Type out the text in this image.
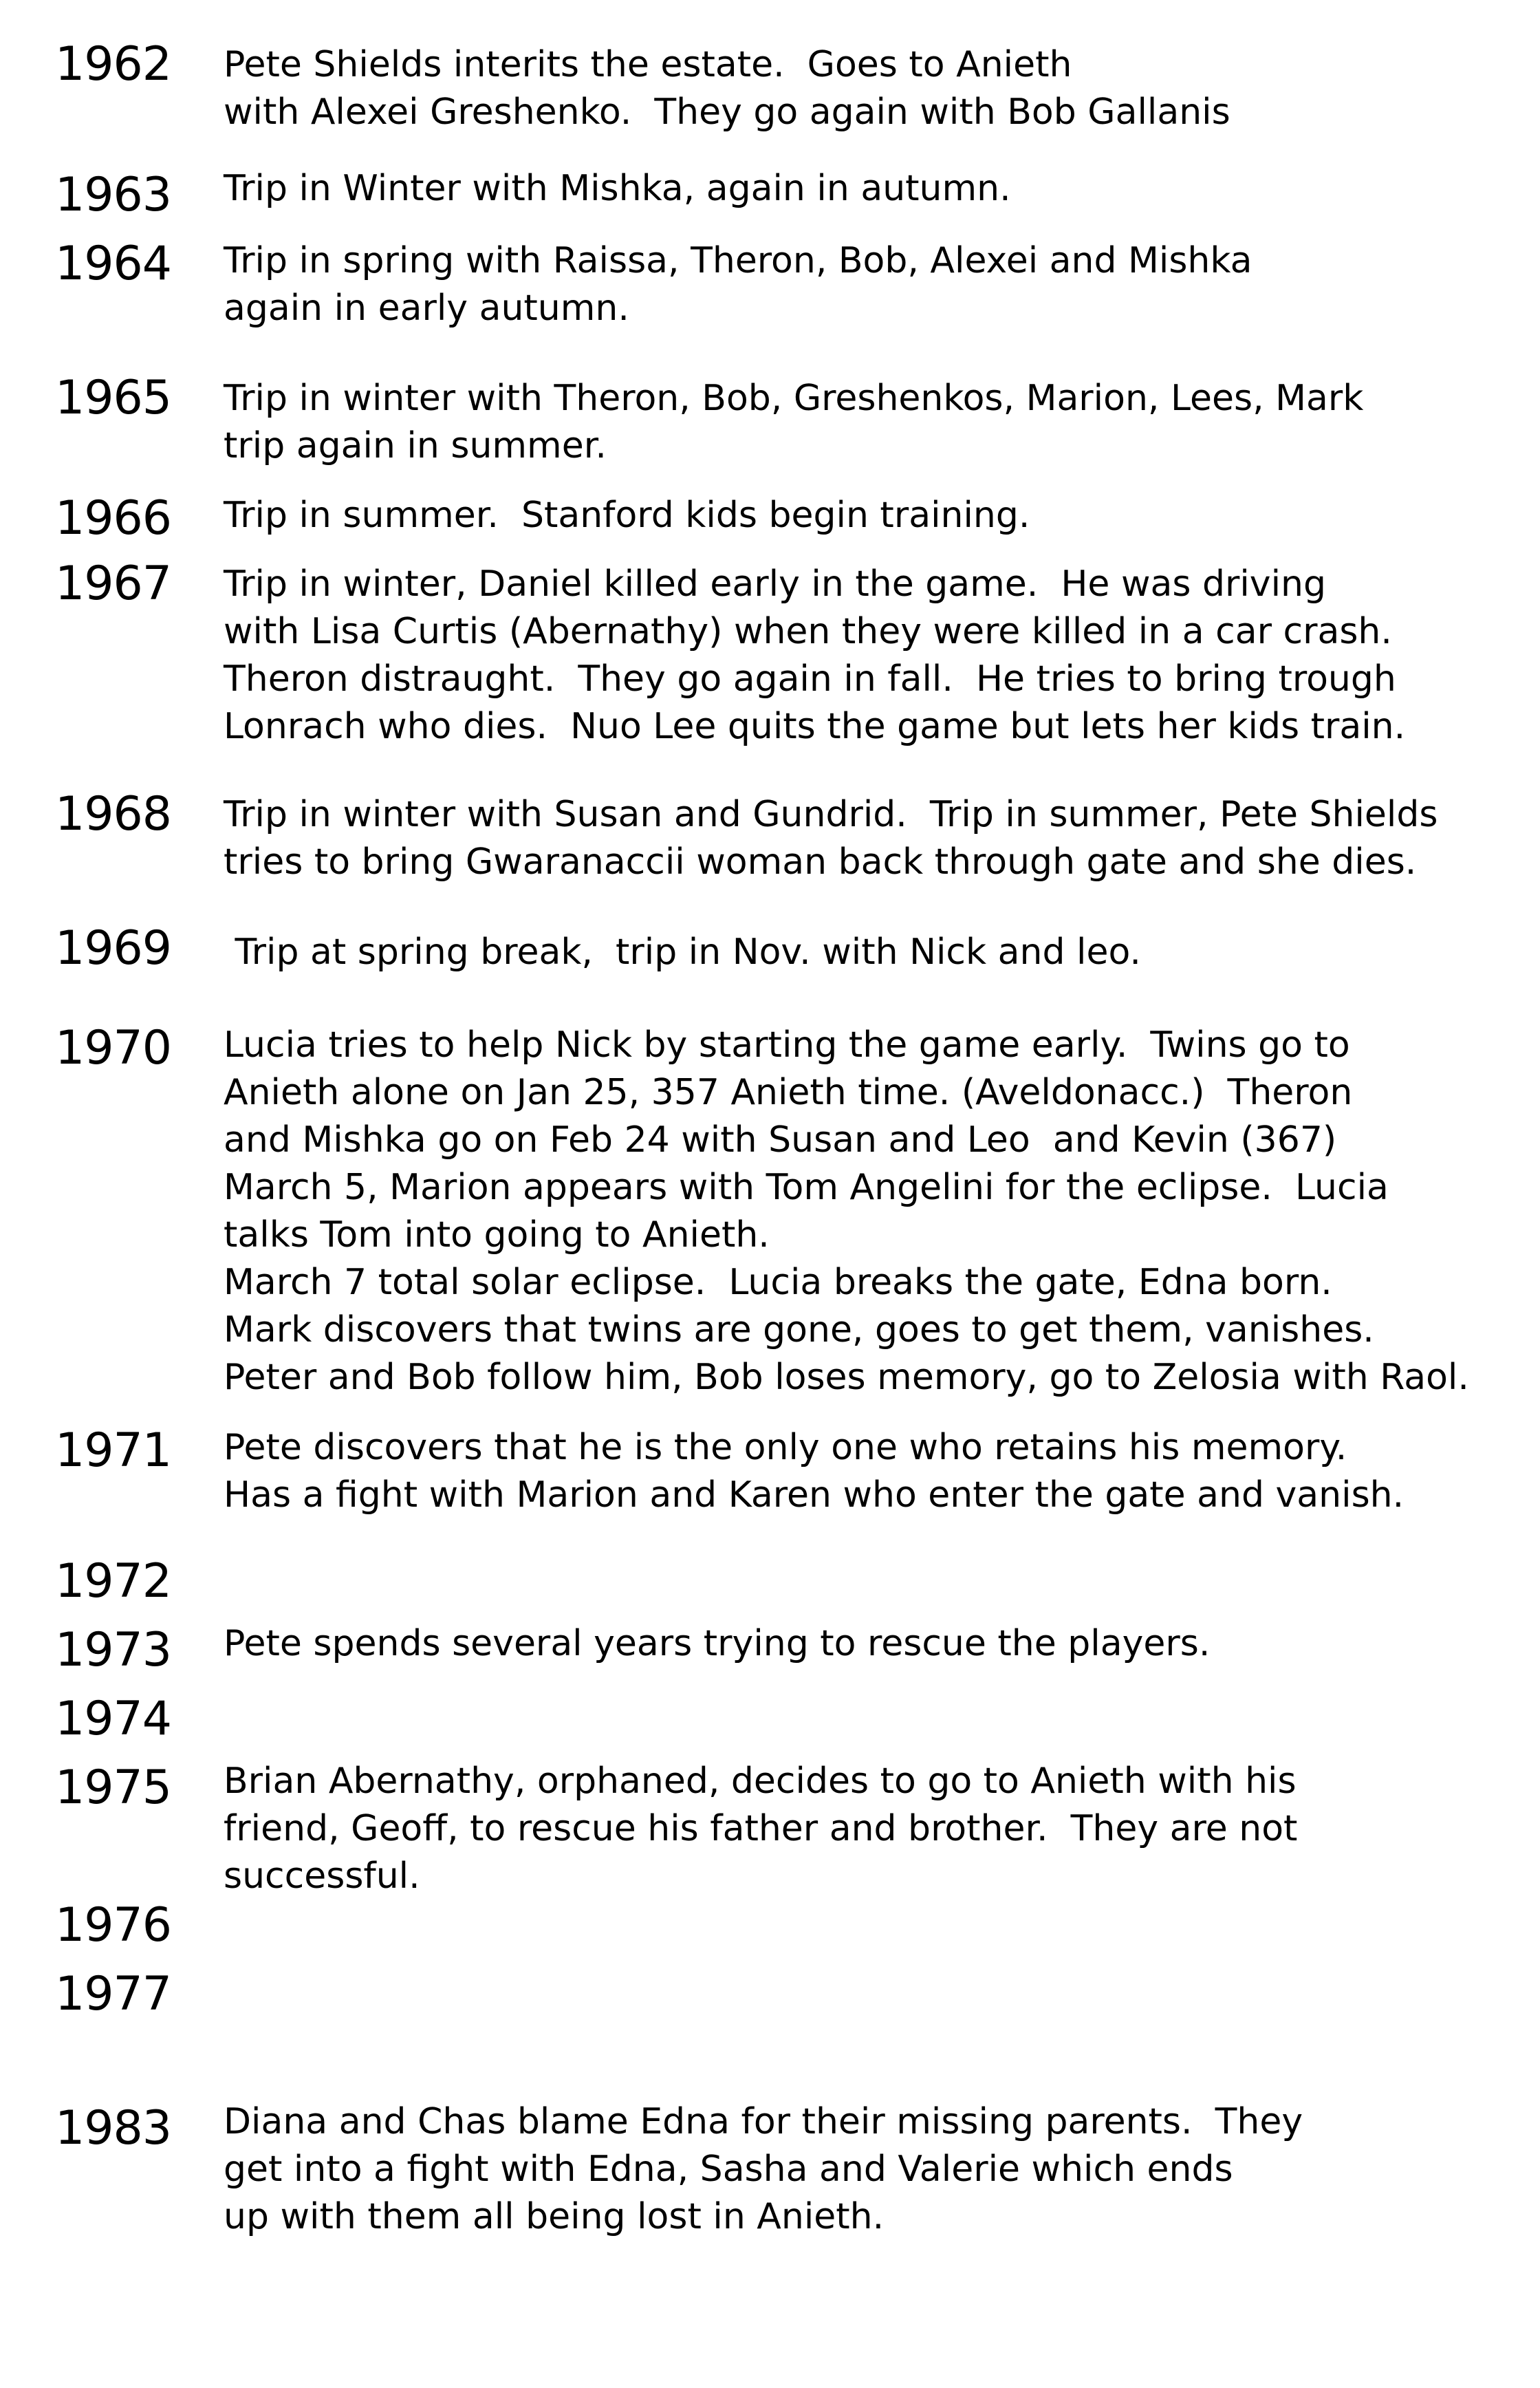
1962 Pete Shields interits the estate.  Goes to Anieth
with Alexei Greshenko.  They go again with Bob Gallanis
1963 Trip in Winter with Mishka, again in autumn.
1964 Trip in spring with Raissa, Theron, Bob, Alexei and Mishka
again in early autumn.
1965 Trip in winter with Theron, Bob, Greshenkos, Marion, Lees, Mark
trip again in summer.
1966 Trip in summer.  Stanford kids begin training.
1967 Trip in winter, Daniel killed early in the game.  He was driving
with Lisa Curtis (Abernathy) when they were killed in a car crash.
Theron distraught.  They go again in fall.  He tries to bring trough
Lonrach who dies.  Nuo Lee quits the game but lets her kids train.
1968 Trip in winter with Susan and Gundrid.  Trip in summer, Pete Shields
tries to bring Gwaranaccii woman back through gate and she dies.
1969 Trip at spring break,  trip in Nov. with Nick and leo.
1970 Lucia tries to help Nick by starting the game early.  Twins go to
Anieth alone on Jan 25, 357 Anieth time. (Aveldonacc.)  Theron
and Mishka go on Feb 24 with Susan and Leo  and Kevin (367)
March 5, Marion appears with Tom Angelini for the eclipse.  Lucia
talks Tom into going to Anieth.
March 7 total solar eclipse.  Lucia breaks the gate, Edna born.
Mark discovers that twins are gone, goes to get them, vanishes.
Peter and Bob follow him, Bob loses memory, go to Zelosia with Raol.
1971 Pete discovers that he is the only one who retains his memory.
Has a fight with Marion and Karen who enter the gate and vanish.
1972
1973 Pete spends several years trying to rescue the players.
1974
1975 Brian Abernathy, orphaned, decides to go to Anieth with his
friend, Geoff, to rescue his father and brother.  They are not
successful.
1976
1977
1983 Diana and Chas blame Edna for their missing parents.  They
get into a fight with Edna, Sasha and Valerie which ends
up with them all being lost in Anieth.
